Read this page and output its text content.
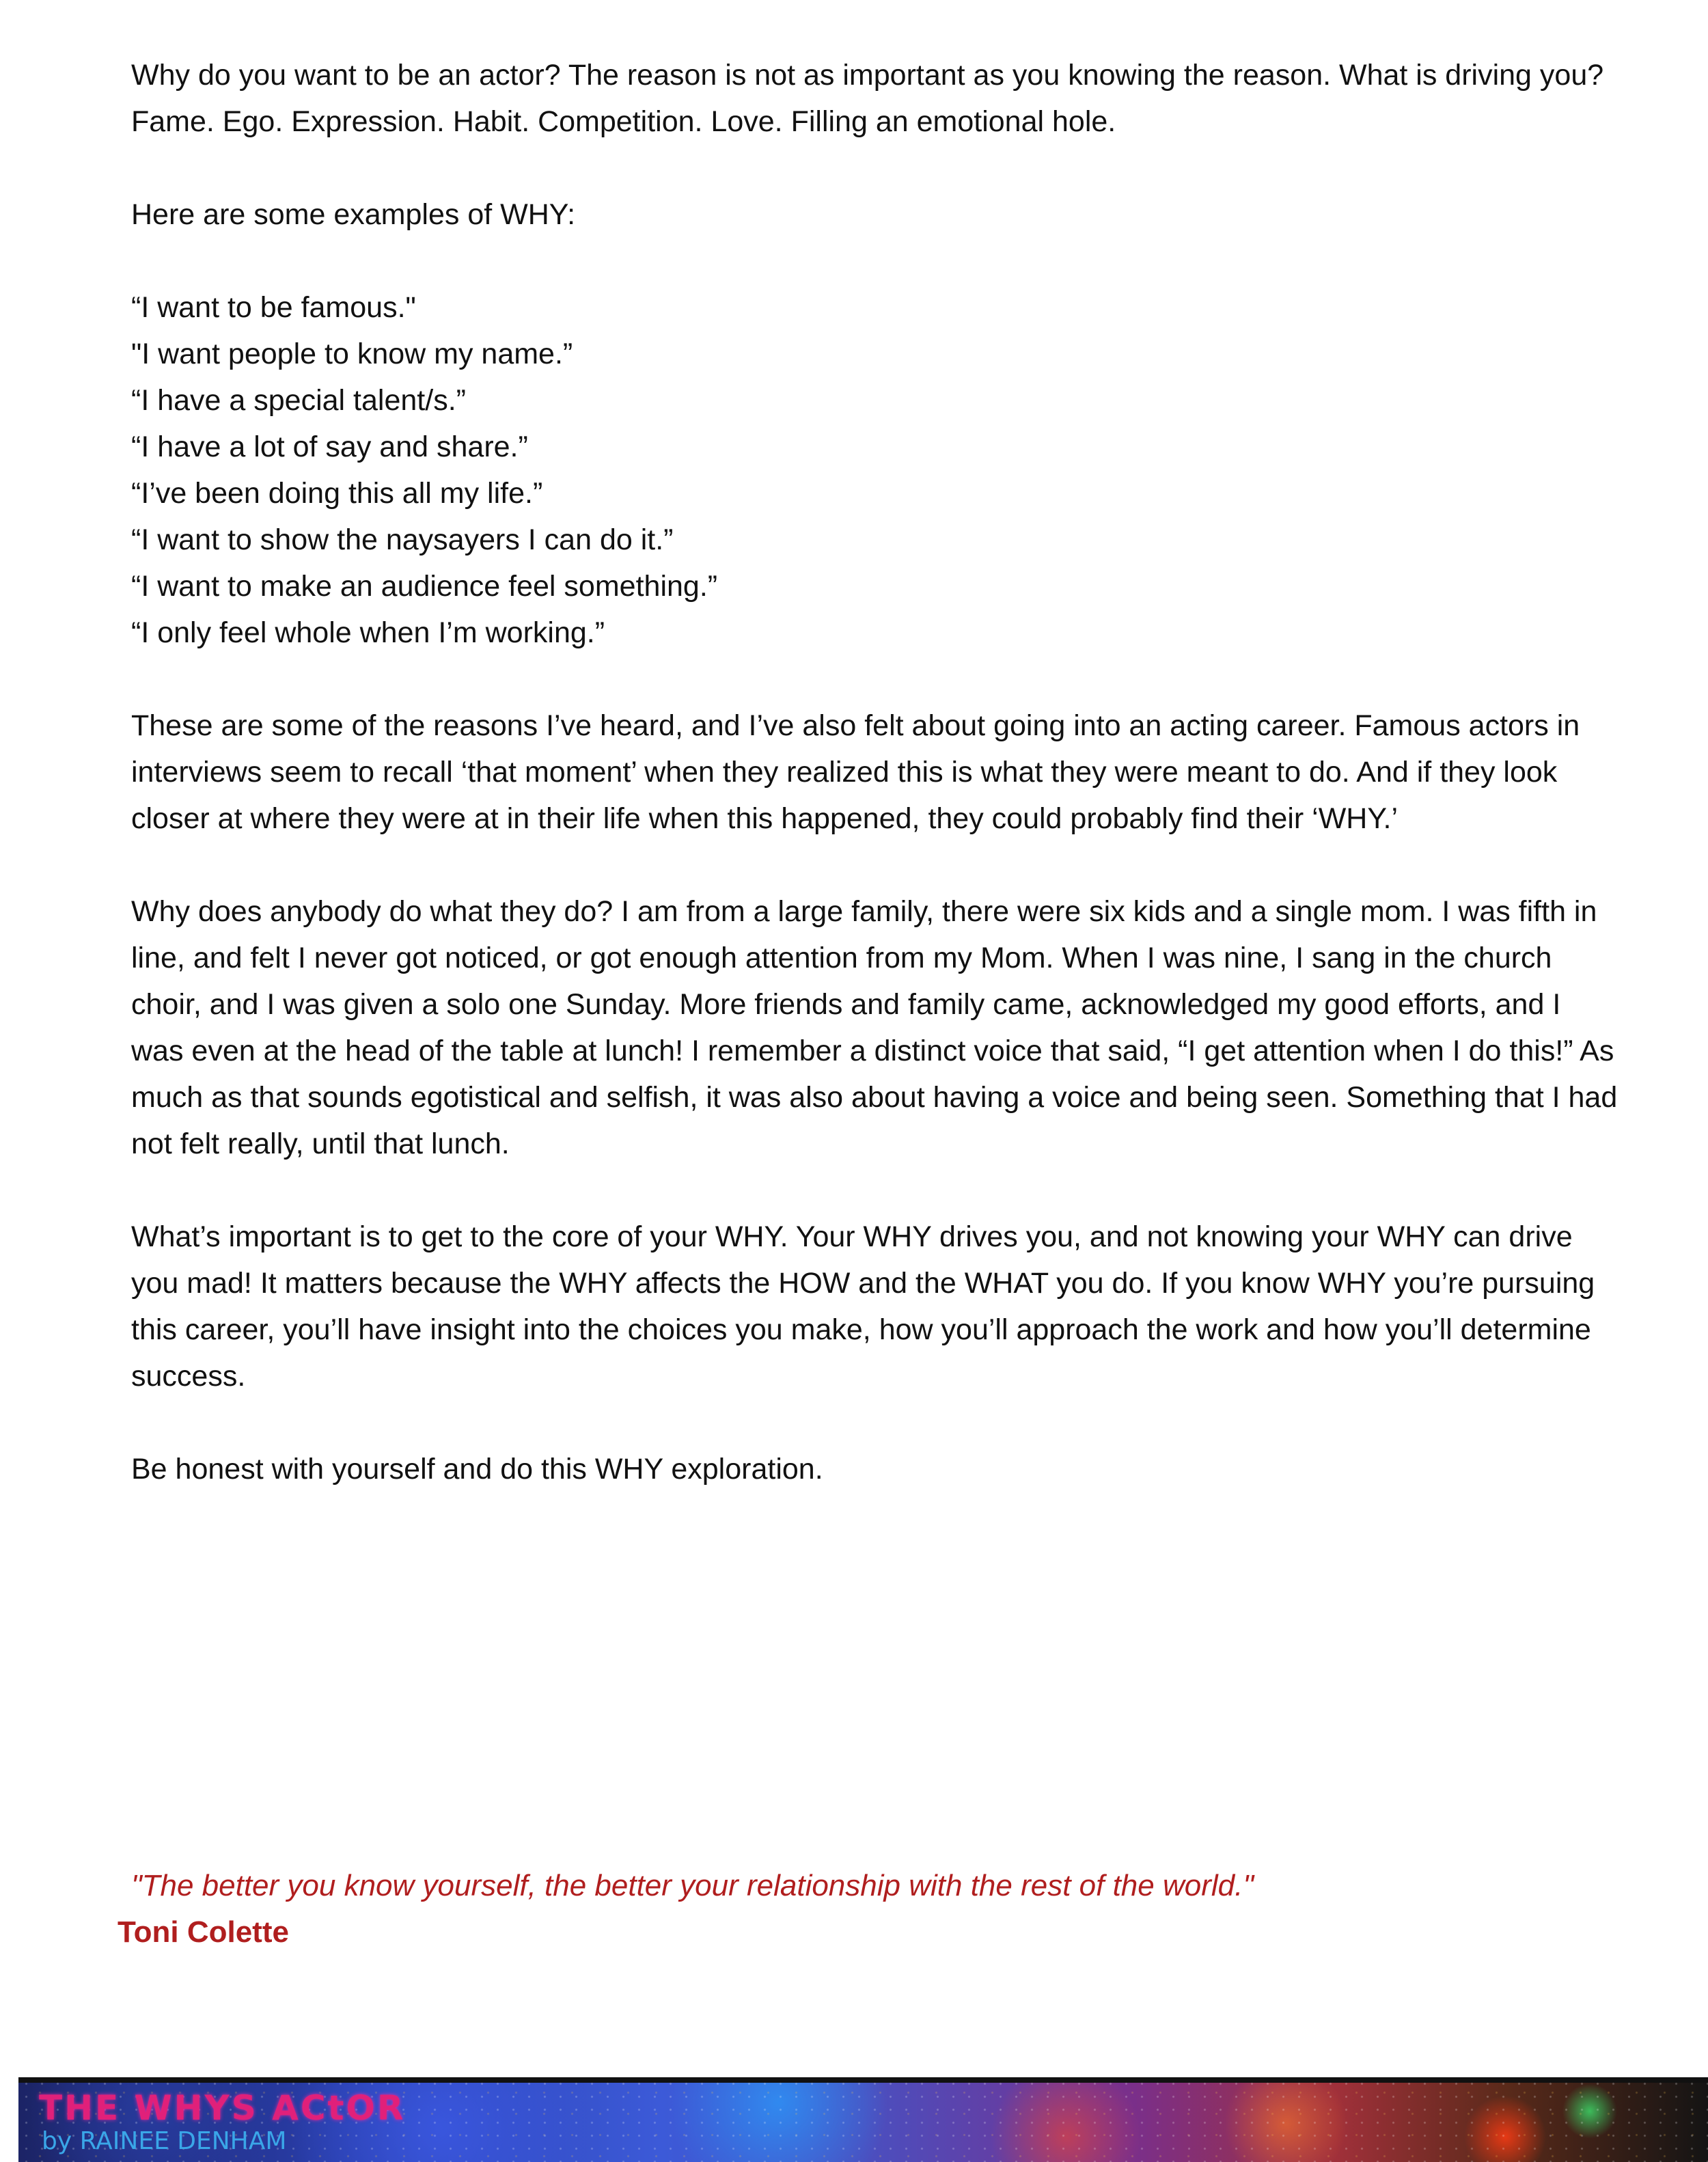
Why do you want to be an actor? The reason is not as important as you knowing the reason. What is driving you? Fame. Ego. Expression. Habit. Competition. Love. Filling an emotional hole.

Here are some examples of WHY:

“I want to be famous."
"I want people to know my name.”
“I have a special talent/s.”
“I have a lot of say and share.”
“I’ve been doing this all my life.”
“I want to show the naysayers I can do it.”
“I want to make an audience feel something.”
“I only feel whole when I’m working.”

These are some of the reasons I’ve heard, and I’ve also felt about going into an acting career. Famous actors in interviews seem to recall ‘that moment’ when they realized this is what they were meant to do. And if they look closer at where they were at in their life when this happened, they could probably find their ‘WHY.’

Why does anybody do what they do? I am from a large family, there were six kids and a single mom. I was fifth in line, and felt I never got noticed, or got enough attention from my Mom. When I was nine, I sang in the church choir, and I was given a solo one Sunday. More friends and family came, acknowledged my good efforts, and I was even at the head of the table at lunch! I remember a distinct voice that said, “I get attention when I do this!” As much as that sounds egotistical and selfish, it was also about having a voice and being seen. Something that I had not felt really, until that lunch.

What’s important is to get to the core of your WHY. Your WHY drives you, and not knowing your WHY can drive you mad! It matters because the WHY affects the HOW and the WHAT you do. If you know WHY you’re pursuing this career, you’ll have insight into the choices you make, how you’ll approach the work and how you’ll determine success.

Be honest with yourself and do this WHY exploration.

"The better you know yourself, the better your relationship with the rest of the world."
Toni Colette
THE WHYS ACtOR
by RAINEE DENHAM
